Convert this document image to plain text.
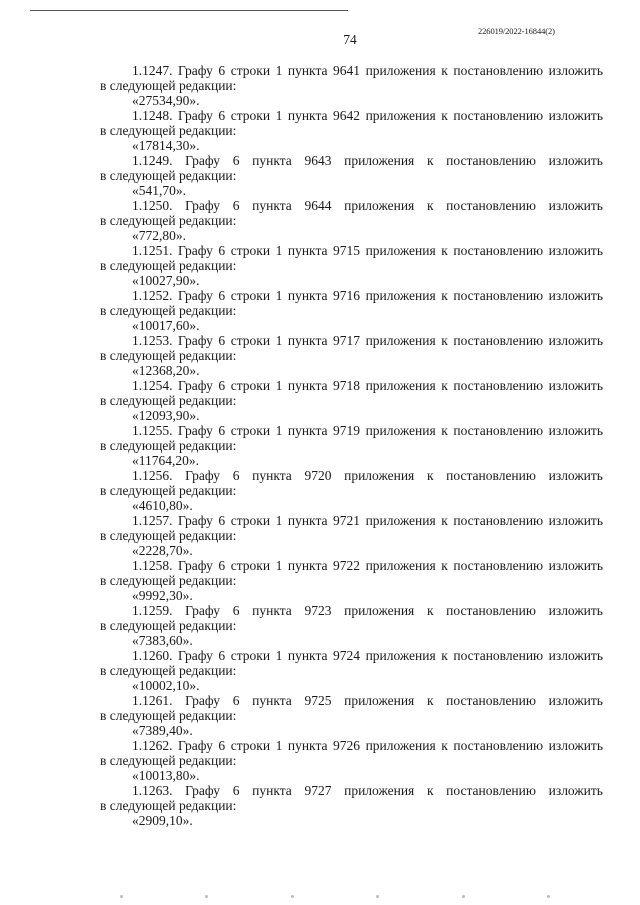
74
226019/2022-16844(2)
1.1247. Графу 6 строки 1 пункта 9641 приложения к постановлению изложить
в следующей редакции:
«27534,90».
1.1248. Графу 6 строки 1 пункта 9642 приложения к постановлению изложить
в следующей редакции:
«17814,30».
1.1249. Графу 6 пункта 9643 приложения к постановлению изложить
в следующей редакции:
«541,70».
1.1250. Графу 6 пункта 9644 приложения к постановлению изложить
в следующей редакции:
«772,80».
1.1251. Графу 6 строки 1 пункта 9715 приложения к постановлению изложить
в следующей редакции:
«10027,90».
1.1252. Графу 6 строки 1 пункта 9716 приложения к постановлению изложить
в следующей редакции:
«10017,60».
1.1253. Графу 6 строки 1 пункта 9717 приложения к постановлению изложить
в следующей редакции:
«12368,20».
1.1254. Графу 6 строки 1 пункта 9718 приложения к постановлению изложить
в следующей редакции:
«12093,90».
1.1255. Графу 6 строки 1 пункта 9719 приложения к постановлению изложить
в следующей редакции:
«11764,20».
1.1256. Графу 6 пункта 9720 приложения к постановлению изложить
в следующей редакции:
«4610,80».
1.1257. Графу 6 строки 1 пункта 9721 приложения к постановлению изложить
в следующей редакции:
«2228,70».
1.1258. Графу 6 строки 1 пункта 9722 приложения к постановлению изложить
в следующей редакции:
«9992,30».
1.1259. Графу 6 пункта 9723 приложения к постановлению изложить
в следующей редакции:
«7383,60».
1.1260. Графу 6 строки 1 пункта 9724 приложения к постановлению изложить
в следующей редакции:
«10002,10».
1.1261. Графу 6 пункта 9725 приложения к постановлению изложить
в следующей редакции:
«7389,40».
1.1262. Графу 6 строки 1 пункта 9726 приложения к постановлению изложить
в следующей редакции:
«10013,80».
1.1263. Графу 6 пункта 9727 приложения к постановлению изложить
в следующей редакции:
«2909,10».
